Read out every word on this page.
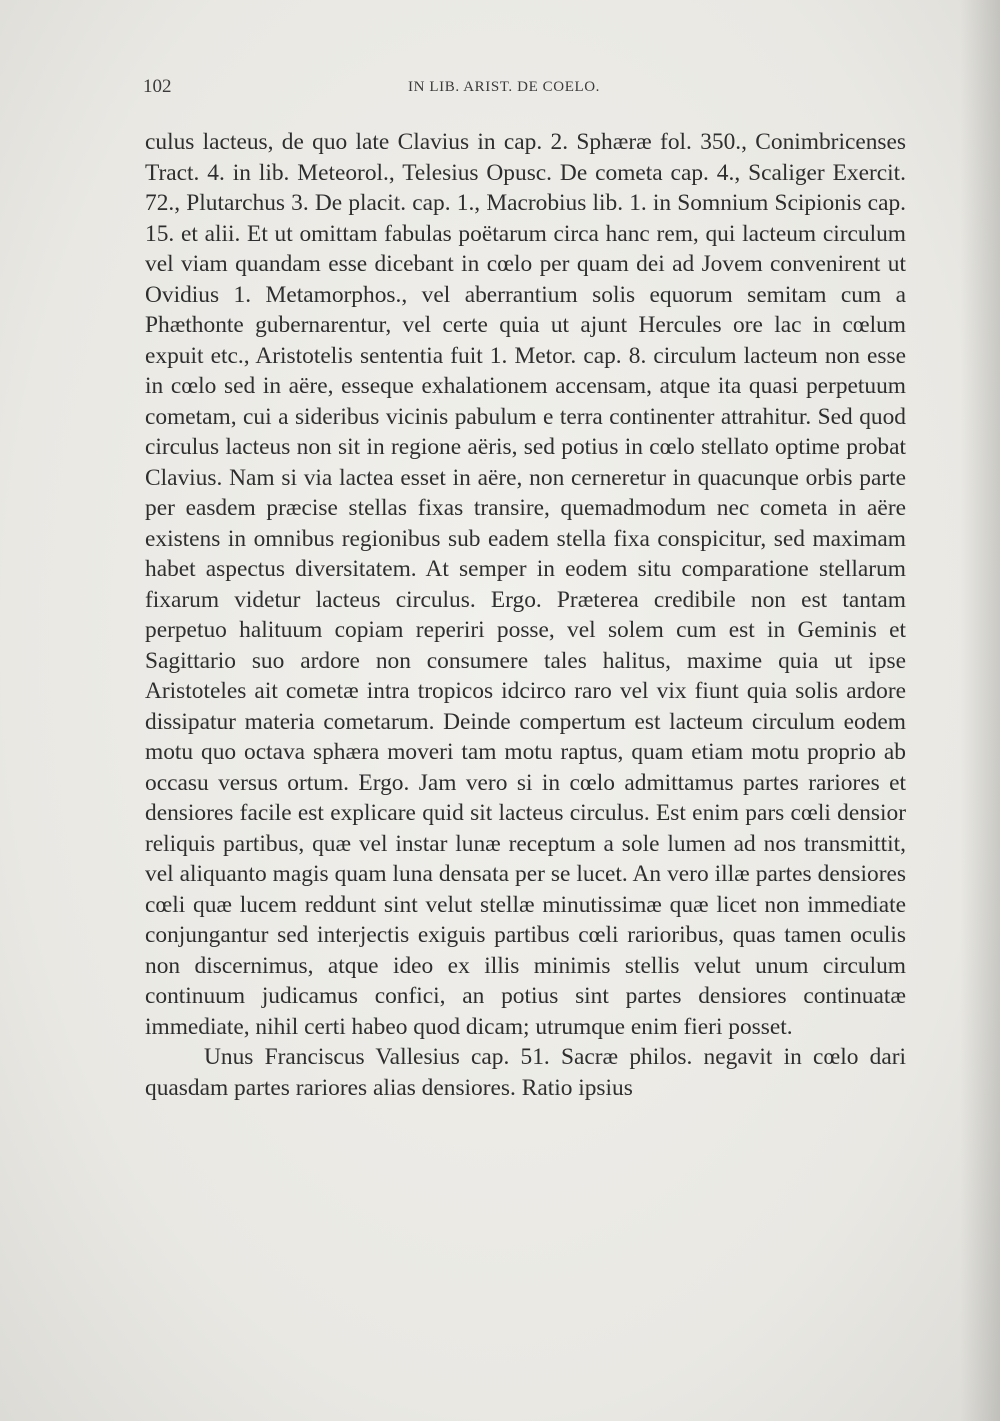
102	IN LIB. ARIST. DE COELO.

culus lacteus, de quo late Clavius in cap. 2. Sphæræ fol. 350., Conimbricenses Tract. 4. in lib. Meteorol., Telesius Opusc. De cometa cap. 4., Scaliger Exercit. 72., Plutarchus 3. De placit. cap. 1., Macrobius lib. 1. in Somnium Scipionis cap. 15. et alii. Et ut omittam fabulas poëtarum circa hanc rem, qui lacteum circulum vel viam quandam esse dicebant in cœlo per quam dei ad Jovem convenirent ut Ovidius 1. Metamorphos., vel aberrantium solis equorum semitam cum a Phæthonte gubernarentur, vel certe quia ut ajunt Hercules ore lac in cœlum expuit etc., Aristotelis sententia fuit 1. Metor. cap. 8. circulum lacteum non esse in cœlo sed in aëre, esseque exhalationem accensam, atque ita quasi perpetuum cometam, cui a sideribus vicinis pabulum e terra continenter attrahitur. Sed quod circulus lacteus non sit in regione aëris, sed potius in cœlo stellato optime probat Clavius. Nam si via lactea esset in aëre, non cerneretur in quacunque orbis parte per easdem præcise stellas fixas transire, quemadmodum nec cometa in aëre existens in omnibus regionibus sub eadem stella fixa conspicitur, sed maximam habet aspectus diversitatem. At semper in eodem situ comparatione stellarum fixarum videtur lacteus circulus. Ergo. Præterea credibile non est tantam perpetuo halituum copiam reperiri posse, vel solem cum est in Geminis et Sagittario suo ardore non consumere tales halitus, maxime quia ut ipse Aristoteles ait cometæ intra tropicos idcirco raro vel vix fiunt quia solis ardore dissipatur materia cometarum. Deinde compertum est lacteum circulum eodem motu quo octava sphæra moveri tam motu raptus, quam etiam motu proprio ab occasu versus ortum. Ergo. Jam vero si in cœlo admittamus partes rariores et densiores facile est explicare quid sit lacteus circulus. Est enim pars cœli densior reliquis partibus, quæ vel instar lunæ receptum a sole lumen ad nos transmittit, vel aliquanto magis quam luna densata per se lucet. An vero illæ partes densiores cœli quæ lucem reddunt sint velut stellæ minutissimæ quæ licet non immediate conjungantur sed interjectis exiguis partibus cœli rarioribus, quas tamen oculis non discernimus, atque ideo ex illis minimis stellis velut unum circulum continuum judicamus confici, an potius sint partes densiores continuatæ immediate, nihil certi habeo quod dicam; utrumque enim fieri posset.

Unus Franciscus Vallesius cap. 51. Sacræ philos. negavit in cœlo dari quasdam partes rariores alias densiores. Ratio ipsius
